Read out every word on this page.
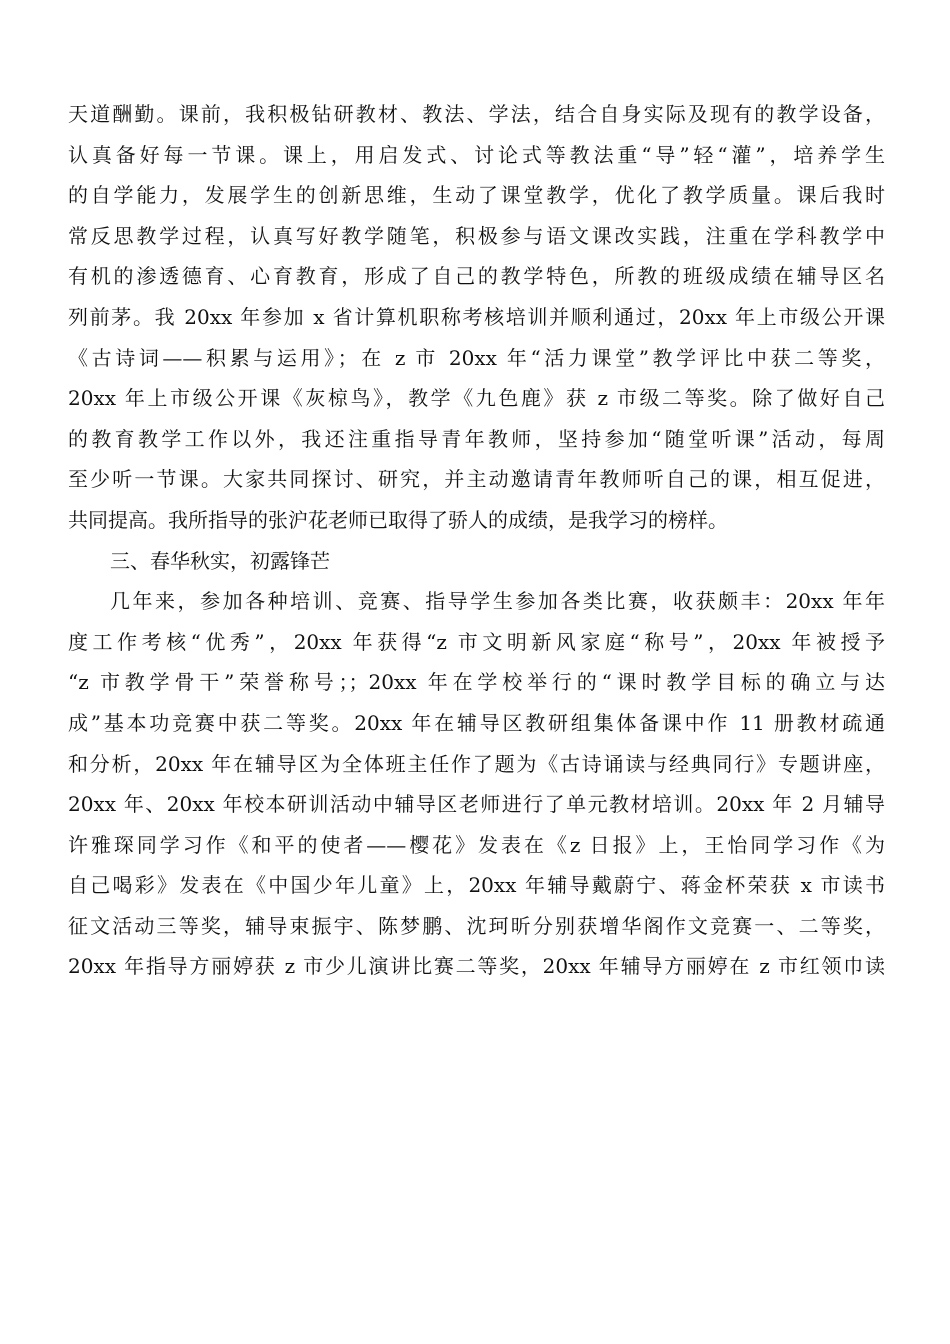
天道酬勤。课前，我积极钻研教材、教法、学法，结合自身实际及现有的教学设备，
认真备好每一节课。课上，用启发式、讨论式等教法重“导”轻“灌”，培养学生
的自学能力，发展学生的创新思维，生动了课堂教学，优化了教学质量。课后我时
常反思教学过程，认真写好教学随笔，积极参与语文课改实践，注重在学科教学中
有机的渗透德育、心育教育，形成了自己的教学特色，所教的班级成绩在辅导区名
列前茅。我 20xx 年参加 x 省计算机职称考核培训并顺利通过，20xx 年上市级公开课
《古诗词——积累与运用》；在 z 市 20xx 年“活力课堂”教学评比中获二等奖，
20xx 年上市级公开课《灰椋鸟》，教学《九色鹿》获 z 市级二等奖。除了做好自己
的教育教学工作以外，我还注重指导青年教师，坚持参加“随堂听课”活动，每周
至少听一节课。大家共同探讨、研究，并主动邀请青年教师听自己的课，相互促进，
共同提高。我所指导的张沪花老师已取得了骄人的成绩，是我学习的榜样。
三、春华秋实，初露锋芒
几年来，参加各种培训、竞赛、指导学生参加各类比赛，收获颇丰：20xx 年年
度工作考核“优秀”，20xx 年获得“z 市文明新风家庭“称号”，20xx 年被授予
“z 市教学骨干”荣誉称号；；20xx 年在学校举行的“课时教学目标的确立与达
成”基本功竞赛中获二等奖。20xx 年在辅导区教研组集体备课中作 11 册教材疏通
和分析，20xx 年在辅导区为全体班主任作了题为《古诗诵读与经典同行》专题讲座，
20xx 年、20xx 年校本研训活动中辅导区老师进行了单元教材培训。20xx 年 2 月辅导
许雅琛同学习作《和平的使者——樱花》发表在《z 日报》上，王怡同学习作《为
自己喝彩》发表在《中国少年儿童》上，20xx 年辅导戴蔚宁、蒋金杯荣获 x 市读书
征文活动三等奖，辅导束振宇、陈梦鹏、沈珂昕分别获增华阁作文竞赛一、二等奖，
20xx 年指导方丽婷获 z 市少儿演讲比赛二等奖，20xx 年辅导方丽婷在 z 市红领巾读
